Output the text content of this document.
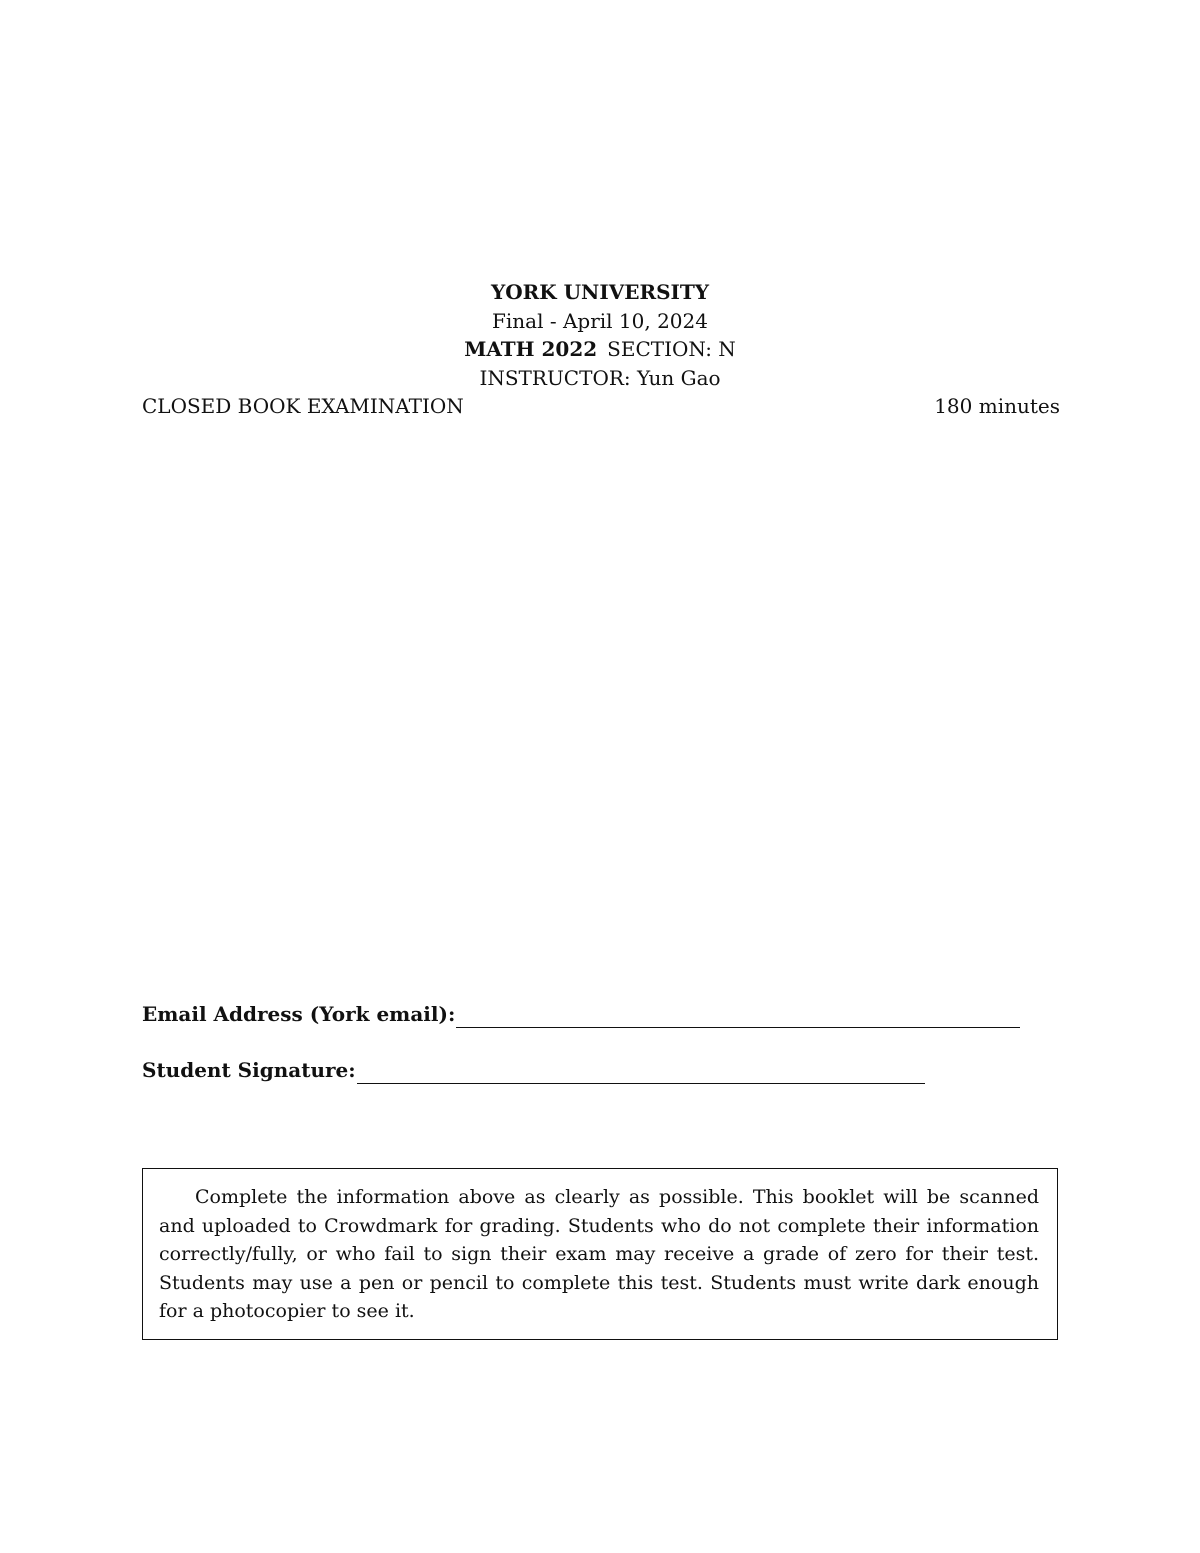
YORK UNIVERSITY
Final - April 10, 2024
MATH 2022 SECTION: N
INSTRUCTOR: Yun Gao
CLOSED BOOK EXAMINATION	180 minutes
Email Address (York email):
Student Signature:

Complete the information above as clearly as possible. This booklet will be scanned and uploaded to Crowdmark for grading. Students who do not complete their information correctly/fully, or who fail to sign their exam may receive a grade of zero for their test. Students may use a pen or pencil to complete this test. Students must write dark enough for a photocopier to see it.
